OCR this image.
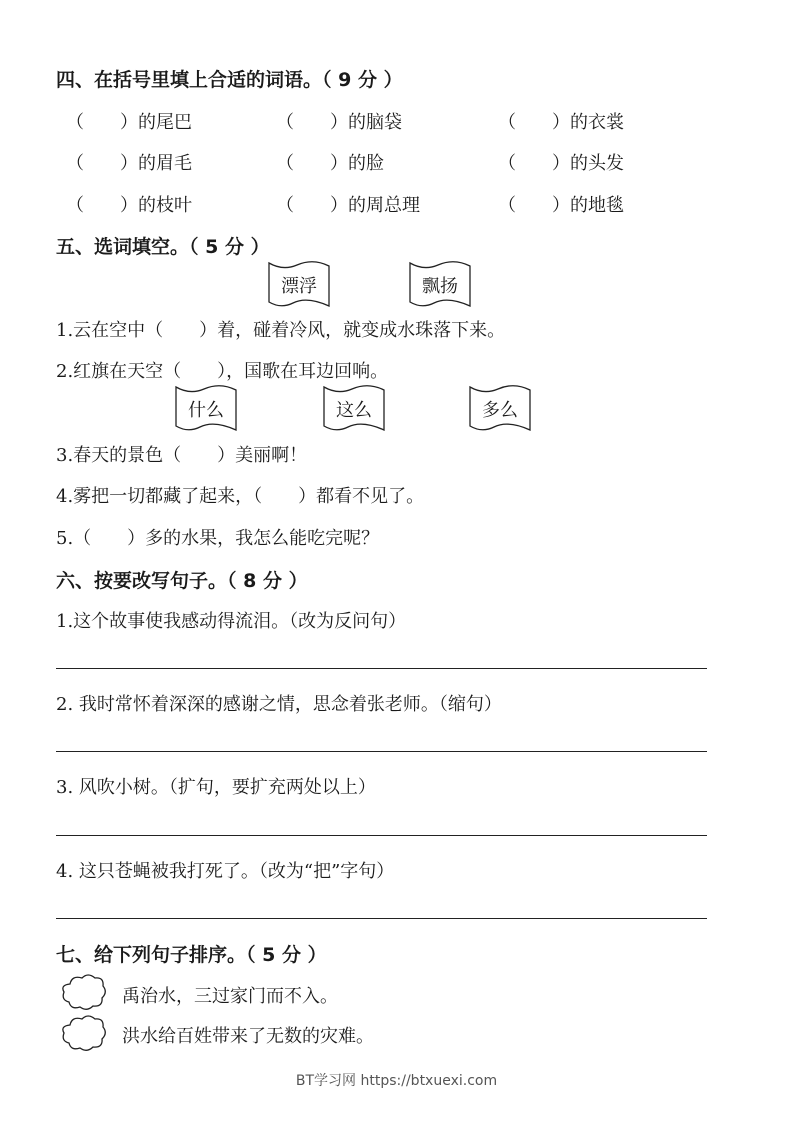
四、在括号里填上合适的词语。（ 9 分 ）
（　　）的尾巴	（　　）的脑袋	（　　）的衣裳
（　　）的眉毛	（　　）的脸	（　　）的头发
（　　）的枝叶	（　　）的周总理	（　　）的地毯
五、选词填空。（ 5 分 ）
漂浮	飘扬
1.云在空中（　　）着，碰着冷风，就变成水珠落下来。
2.红旗在天空（　　），国歌在耳边回响。
什么	这么	多么
3.春天的景色（　　）美丽啊！
4.雾把一切都藏了起来，（　　）都看不见了。
5.（　　）多的水果，我怎么能吃完呢？
六、按要改写句子。（ 8 分 ）
1.这个故事使我感动得流泪。（改为反问句）
2. 我时常怀着深深的感谢之情，思念着张老师。（缩句）
3. 风吹小树。（扩句，要扩充两处以上）
4. 这只苍蝇被我打死了。（改为“把”字句）
七、给下列句子排序。（ 5 分 ）
禹治水，三过家门而不入。
洪水给百姓带来了无数的灾难。
BT学习网 https://btxuexi.com
